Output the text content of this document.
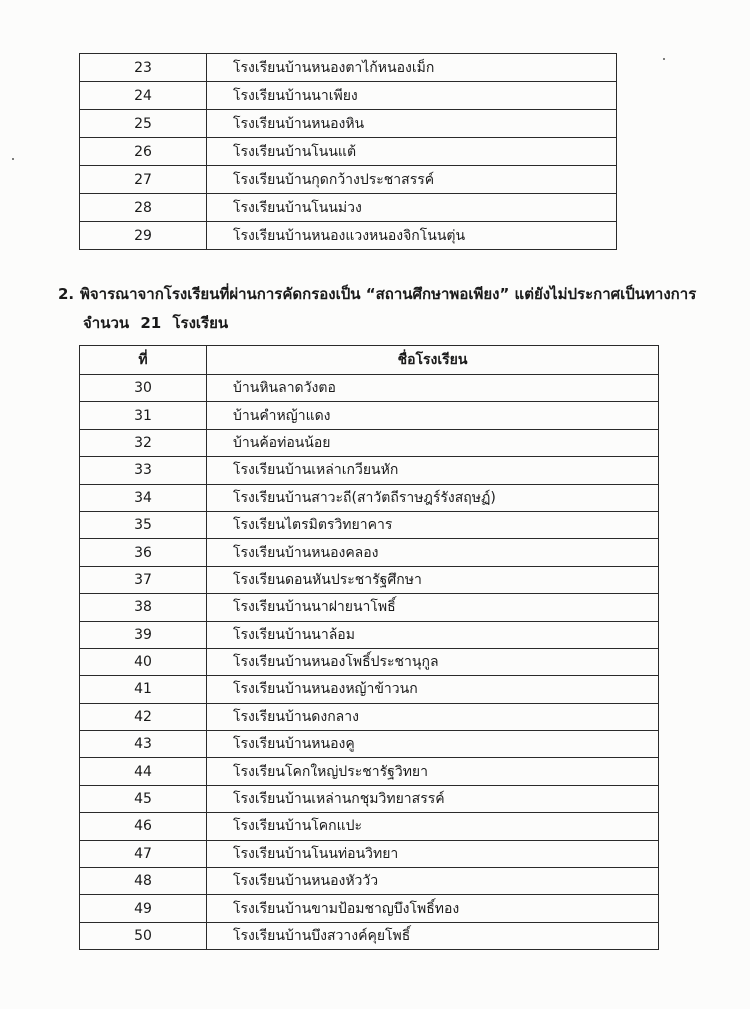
23	โรงเรียนบ้านหนองตาไก้หนองเม็ก
24	โรงเรียนบ้านนาเพียง
25	โรงเรียนบ้านหนองหิน
26	โรงเรียนบ้านโนนแต้
27	โรงเรียนบ้านกุดกว้างประชาสรรค์
28	โรงเรียนบ้านโนนม่วง
29	โรงเรียนบ้านหนองแวงหนองจิกโนนตุ่น
2. พิจารณาจากโรงเรียนที่ผ่านการคัดกรองเป็น “สถานศึกษาพอเพียง” แต่ยังไม่ประกาศเป็นทางการ
จำนวน 21 โรงเรียน
ที่	ชื่อโรงเรียน
30	บ้านหินลาดวังตอ
31	บ้านคำหญ้าแดง
32	บ้านค้อท่อนน้อย
33	โรงเรียนบ้านเหล่าเกวียนหัก
34	โรงเรียนบ้านสาวะถี(สาวัตถีราษฎร์รังสฤษฏ์)
35	โรงเรียนไตรมิตรวิทยาคาร
36	โรงเรียนบ้านหนองคลอง
37	โรงเรียนดอนหันประชารัฐศึกษา
38	โรงเรียนบ้านนาฝายนาโพธิ์
39	โรงเรียนบ้านนาล้อม
40	โรงเรียนบ้านหนองโพธิ์ประชานุกูล
41	โรงเรียนบ้านหนองหญ้าข้าวนก
42	โรงเรียนบ้านดงกลาง
43	โรงเรียนบ้านหนองคู
44	โรงเรียนโคกใหญ่ประชารัฐวิทยา
45	โรงเรียนบ้านเหล่านกชุมวิทยาสรรค์
46	โรงเรียนบ้านโคกแปะ
47	โรงเรียนบ้านโนนท่อนวิทยา
48	โรงเรียนบ้านหนองหัววัว
49	โรงเรียนบ้านขามป้อมชาญบึงโพธิ์ทอง
50	โรงเรียนบ้านบึงสวางค์คุยโพธิ์
